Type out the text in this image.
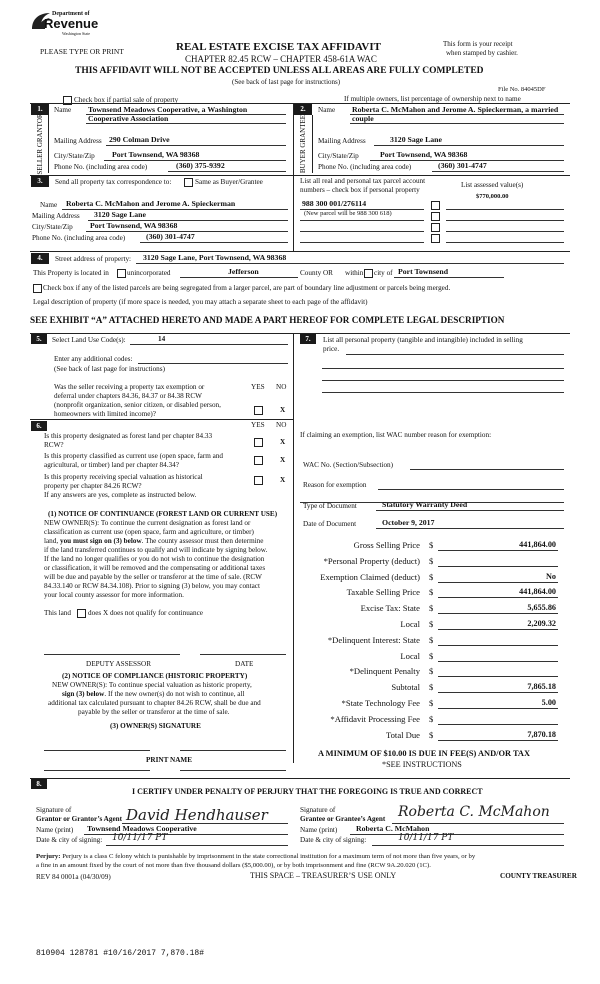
Department of
Revenue
Washington State
PLEASE TYPE OR PRINT	REAL ESTATE EXCISE TAX AFFIDAVIT
CHAPTER 82.45 RCW – CHAPTER 458-61A WAC
This form is your receipt
when stamped by cashier.
THIS AFFIDAVIT WILL NOT BE ACCEPTED UNLESS ALL AREAS ARE FULLY COMPLETED
(See back of last page for instructions)
File No. 84045DF
Check box if partial sale of property	If multiple owners, list percentage of ownership next to name
1.
SELLER GRANTOR
Name Townsend Meadows Cooperative, a Washington Cooperative Association
Mailing Address 290 Colman Drive
City/State/Zip Port Townsend, WA 98368
Phone No. (including area code)	(360) 375-9392
2.
BUYER GRANTEE
Name Roberta C. McMahon and Jerome A. Spieckerman, a married couple
Mailing Address	3120 Sage Lane
City/State/Zip	Port Townsend, WA 98368
Phone No. (including area code)	(360) 301-4747
3.	Send all property tax correspondence to:	Same as Buyer/Grantee
Name Roberta C. McMahon and Jerome A. Spieckerman
Mailing Address 3120 Sage Lane
City/State/Zip Port Townsend, WA 98368
Phone No. (including area code)	(360) 301-4747
List all real and personal tax parcel account
numbers – check box if personal property
List assessed value(s)
$770,000.00
988 300 001/276114
(New parcel will be 988 300 618)
4.	Street address of property: 3120 Sage Lane, Port Townsend, WA 98368
This Property is located in	unincorporated	Jefferson	County OR within city of Port Townsend
Check box if any of the listed parcels are being segregated from a larger parcel, are part of boundary line adjustment or parcels being merged.
Legal description of property (if more space is needed, you may attach a separate sheet to each page of the affidavit)
SEE EXHIBIT “A” ATTACHED HERETO AND MADE A PART HEREOF FOR COMPLETE LEGAL DESCRIPTION
5.	Select Land Use Code(s):	14
Enter any additional codes:
(See back of last page for instructions)
YES NO
Was the seller receiving a property tax exemption or
deferral under chapters 84.36, 84.37 or 84.38 RCW
(nonprofit organization, senior citizen, or disabled person,
homeowners with limited income)?	X
6.	YES NO
Is this property designated as forest land per chapter 84.33
RCW?	X
Is this property classified as current use (open space, farm and
agricultural, or timber) land per chapter 84.34?
X
Is this property receiving special valuation as historical
property per chapter 84.26 RCW?
X
If any answers are yes, complete as instructed below.
(1) NOTICE OF CONTINUANCE (FOREST LAND OR CURRENT USE)
NEW OWNER(S): To continue the current designation as forest land or
classification as current use (open space, farm and agriculture, or timber)
land, you must sign on (3) below. The county assessor must then determine
if the land transferred continues to qualify and will indicate by signing below.
If the land no longer qualifies or you do not wish to continue the designation
or classification, it will be removed and the compensating or additional taxes
will be due and payable by the seller or transferor at the time of sale. (RCW
84.33.140 or RCW 84.34.108). Prior to signing (3) below, you may contact
your local county assessor for more information.
This land does X does not qualify for continuance
DEPUTY ASSESSOR	DATE
(2) NOTICE OF COMPLIANCE (HISTORIC PROPERTY)
NEW OWNER(S): To continue special valuation as historic property,
sign (3) below. If the new owner(s) do not wish to continue, all
additional tax calculated pursuant to chapter 84.26 RCW, shall be due and
payable by the seller or transferor at the time of sale.
(3) OWNER(S) SIGNATURE
PRINT NAME
7.	List all personal property (tangible and intangible) included in selling
price.
If claiming an exemption, list WAC number reason for exemption:
WAC No. (Section/Subsection)
Reason for exemption
Type of Document	Statutory Warranty Deed
Date of Document	October 9, 2017
Gross Selling Price $	441,864.00
*Personal Property (deduct) $
Exemption Claimed (deduct) $	No
Taxable Selling Price $	441,864.00
Excise Tax: State $	5,655.86
Local $	2,209.32
*Delinquent Interest: State $
Local $
*Delinquent Penalty $
Subtotal $	7,865.18
*State Technology Fee $	5.00
*Affidavit Processing Fee $
Total Due $	7,870.18
A MINIMUM OF $10.00 IS DUE IN FEE(S) AND/OR TAX
*SEE INSTRUCTIONS
8.
I CERTIFY UNDER PENALTY OF PERJURY THAT THE FOREGOING IS TRUE AND CORRECT
Signature of
Grantor or Grantor’s Agent David Hendhauser
Name (print) Townsend Meadows Cooperative
Date & city of signing: 10/11/17 PT
Signature of
Grantee or Grantee’s Agent Roberta C. McMahon
Name (print) Roberta C. McMahon
Date & city of signing:	10/11/17 PT
Perjury: Perjury is a class C felony which is punishable by imprisonment in the state correctional institution for a maximum term of not more than five years, or by
a fine in an amount fixed by the court of not more than five thousand dollars ($5,000.00), or by both imprisonment and fine (RCW 9A.20.020 (1C).
REV 84 0001a (04/30/09)	THIS SPACE – TREASURER’S USE ONLY	COUNTY TREASURER
810904 128781 #10/16/2017 7,870.18#
